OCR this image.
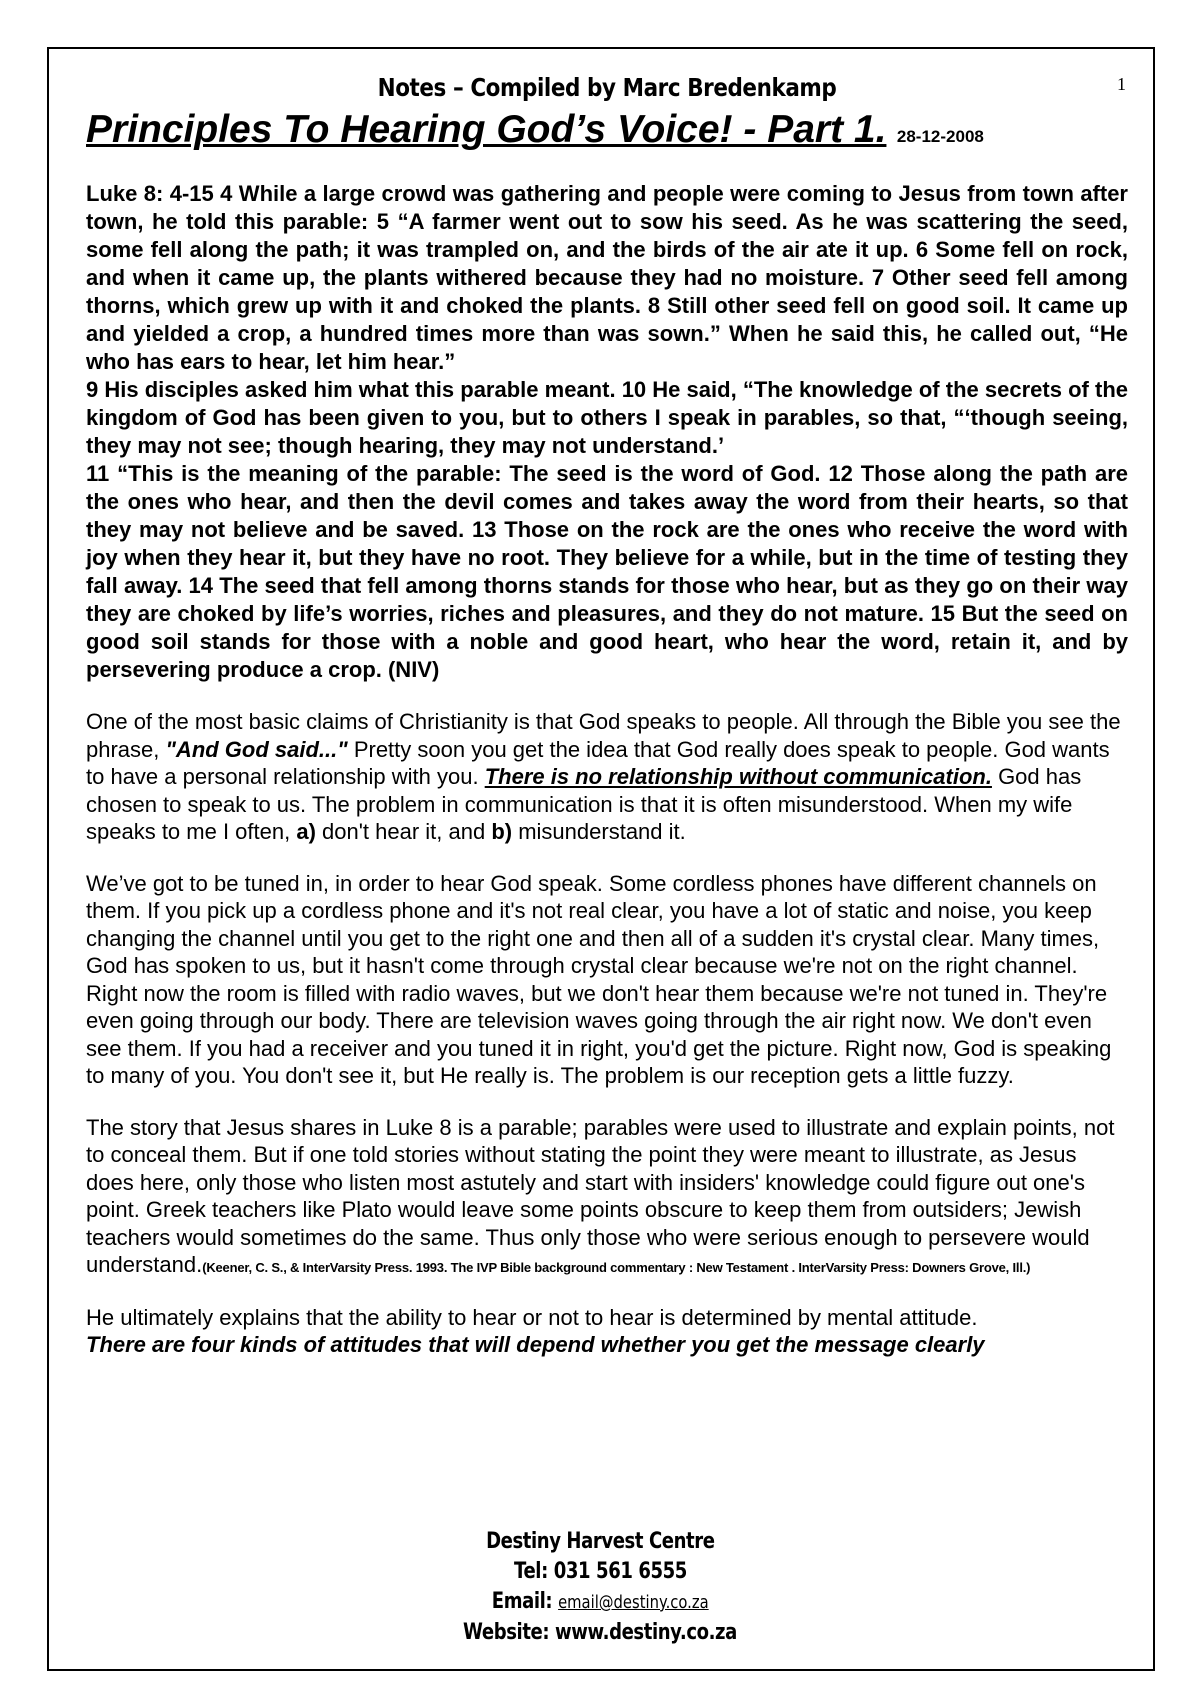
1

Notes – Compiled by Marc Bredenkamp

Principles To Hearing God’s Voice! - Part 1. 28-12-2008

Luke 8: 4-15 4 While a large crowd was gathering and people were coming to Jesus from town after town, he told this parable: 5 “A farmer went out to sow his seed. As he was scattering the seed, some fell along the path; it was trampled on, and the birds of the air ate it up. 6 Some fell on rock, and when it came up, the plants withered because they had no moisture. 7 Other seed fell among thorns, which grew up with it and choked the plants. 8 Still other seed fell on good soil. It came up and yielded a crop, a hundred times more than was sown.” When he said this, he called out, “He who has ears to hear, let him hear.”

9 His disciples asked him what this parable meant. 10 He said, “The knowledge of the secrets of the kingdom of God has been given to you, but to others I speak in parables, so that, “‘though seeing, they may not see; though hearing, they may not understand.’

11 “This is the meaning of the parable: The seed is the word of God. 12 Those along the path are the ones who hear, and then the devil comes and takes away the word from their hearts, so that they may not believe and be saved. 13 Those on the rock are the ones who receive the word with joy when they hear it, but they have no root. They believe for a while, but in the time of testing they fall away. 14 The seed that fell among thorns stands for those who hear, but as they go on their way they are choked by life’s worries, riches and pleasures, and they do not mature. 15 But the seed on good soil stands for those with a noble and good heart, who hear the word, retain it, and by persevering produce a crop. (NIV)

One of the most basic claims of Christianity is that God speaks to people. All through the Bible you see the phrase, "And God said..." Pretty soon you get the idea that God really does speak to people. God wants to have a personal relationship with you. There is no relationship without communication. God has chosen to speak to us. The problem in communication is that it is often misunderstood. When my wife speaks to me I often, a) don't hear it, and b) misunderstand it.

We’ve got to be tuned in, in order to hear God speak. Some cordless phones have different channels on them. If you pick up a cordless phone and it's not real clear, you have a lot of static and noise, you keep changing the channel until you get to the right one and then all of a sudden it's crystal clear. Many times, God has spoken to us, but it hasn't come through crystal clear because we're not on the right channel. Right now the room is filled with radio waves, but we don't hear them because we're not tuned in. They're even going through our body. There are television waves going through the air right now. We don't even see them. If you had a receiver and you tuned it in right, you'd get the picture. Right now, God is speaking to many of you. You don't see it, but He really is. The problem is our reception gets a little fuzzy.

The story that Jesus shares in Luke 8 is a parable; parables were used to illustrate and explain points, not to conceal them. But if one told stories without stating the point they were meant to illustrate, as Jesus does here, only those who listen most astutely and start with insiders' knowledge could figure out one's point. Greek teachers like Plato would leave some points obscure to keep them from outsiders; Jewish teachers would sometimes do the same. Thus only those who were serious enough to persevere would understand.(Keener, C. S., & InterVarsity Press. 1993. The IVP Bible background commentary : New Testament . InterVarsity Press: Downers Grove, Ill.)

He ultimately explains that the ability to hear or not to hear is determined by mental attitude.

There are four kinds of attitudes that will depend whether you get the message clearly

Destiny Harvest Centre
Tel: 031 561 6555
Email: email@destiny.co.za
Website: www.destiny.co.za
